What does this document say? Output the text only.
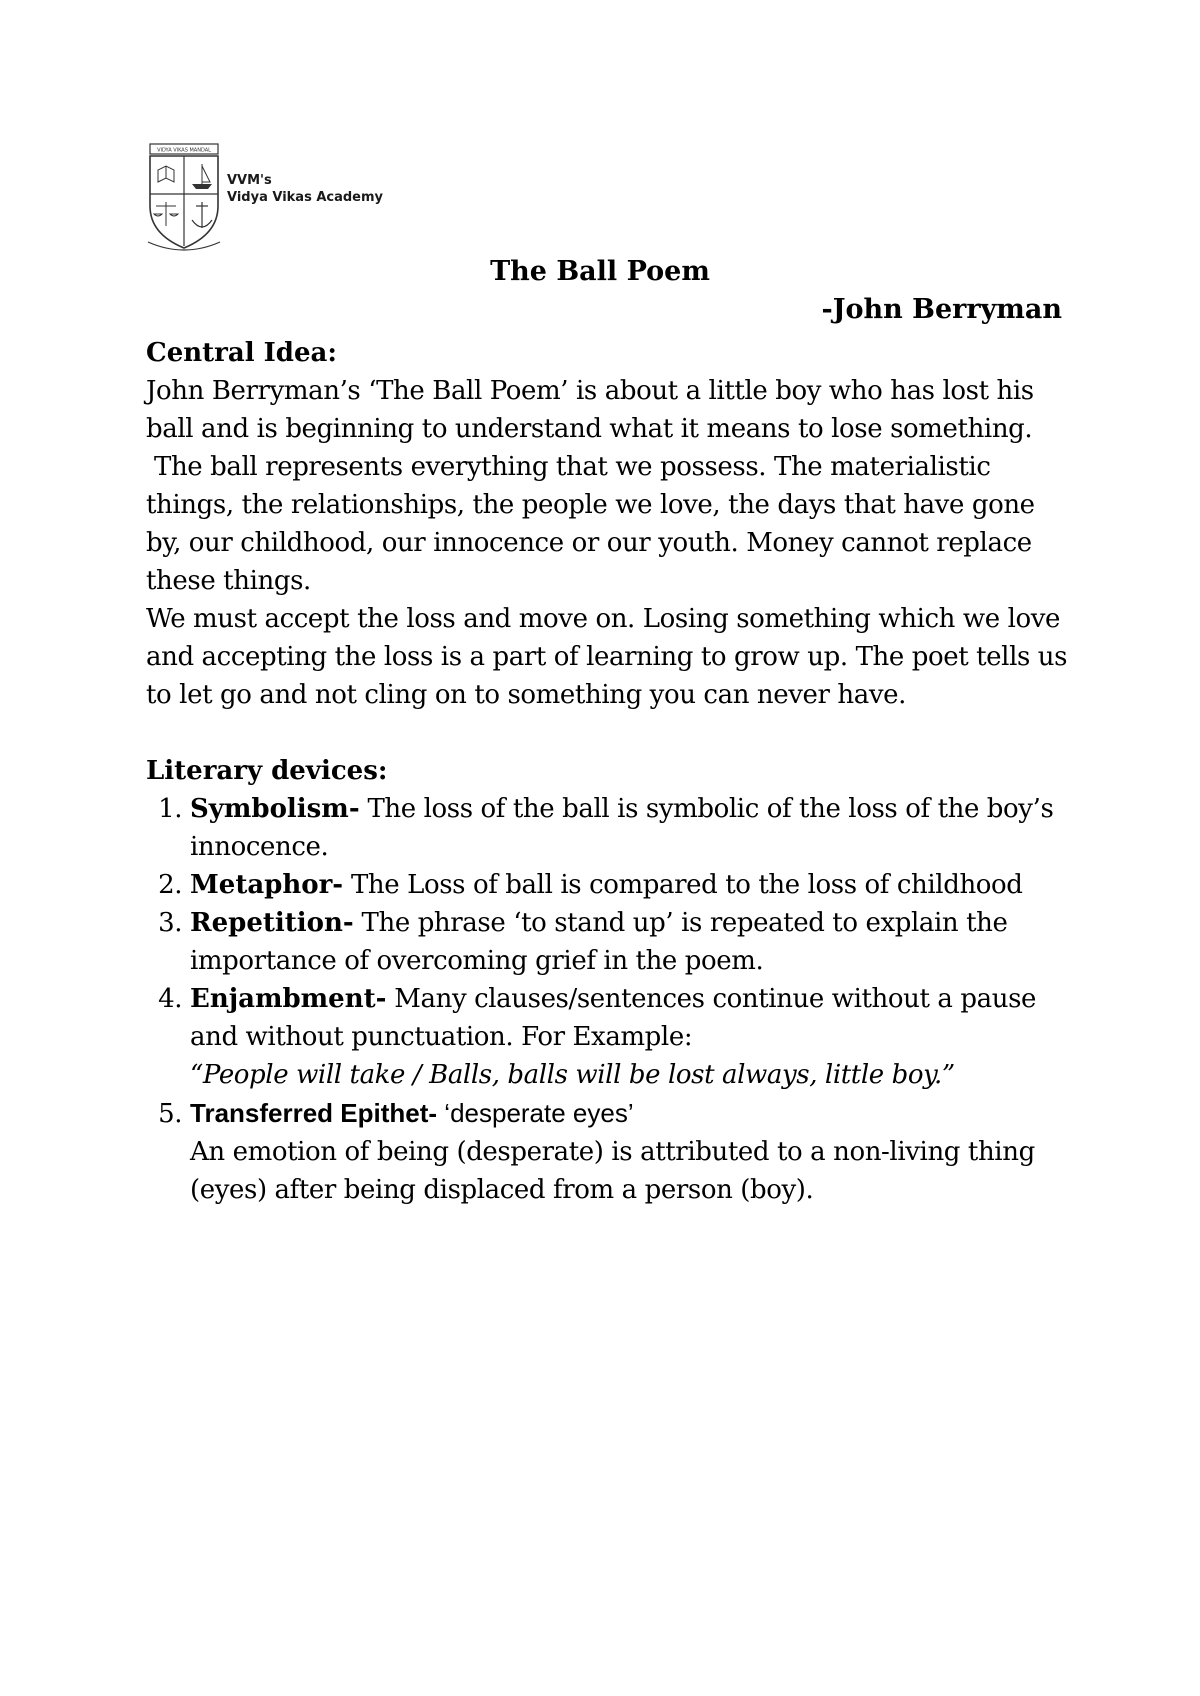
VIDYA VIKAS MANDAL
VVM's
Vidya Vikas Academy
The Ball Poem
-John Berryman
Central Idea:

John Berryman’s ‘The Ball Poem’ is about a little boy who has lost his ball and is beginning to understand what it means to lose something.

The ball represents everything that we possess. The materialistic things, the relationships, the people we love, the days that have gone by, our childhood, our innocence or our youth. Money cannot replace these things.

We must accept the loss and move on. Losing something which we love and accepting the loss is a part of learning to grow up. The poet tells us to let go and not cling on to something you can never have.

Literary devices:
1. Symbolism- The loss of the ball is symbolic of the loss of the boy’s innocence.
2. Metaphor- The Loss of ball is compared to the loss of childhood
3. Repetition- The phrase ‘to stand up’ is repeated to explain the importance of overcoming grief in the poem.
4. Enjambment- Many clauses/sentences continue without a pause and without punctuation. For Example:
“People will take / Balls, balls will be lost always, little boy.”
5. Transferred Epithet- ‘desperate eyes’
An emotion of being (desperate) is attributed to a non-living thing (eyes) after being displaced from a person (boy).
